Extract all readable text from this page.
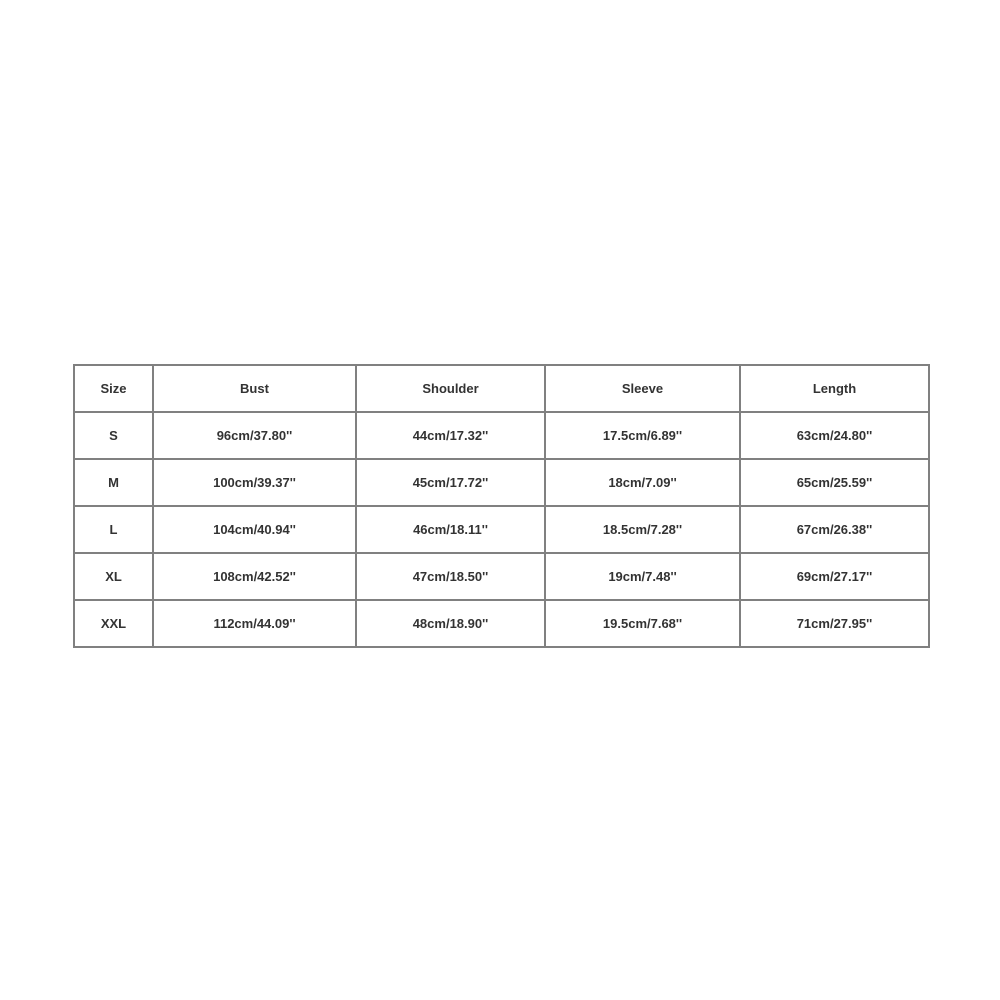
Size	Bust	Shoulder	Sleeve	Length
S	96cm/37.80''	44cm/17.32''	17.5cm/6.89''	63cm/24.80''
M	100cm/39.37''	45cm/17.72''	18cm/7.09''	65cm/25.59''
L	104cm/40.94''	46cm/18.11''	18.5cm/7.28''	67cm/26.38''
XL	108cm/42.52''	47cm/18.50''	19cm/7.48''	69cm/27.17''
XXL	112cm/44.09''	48cm/18.90''	19.5cm/7.68''	71cm/27.95''
